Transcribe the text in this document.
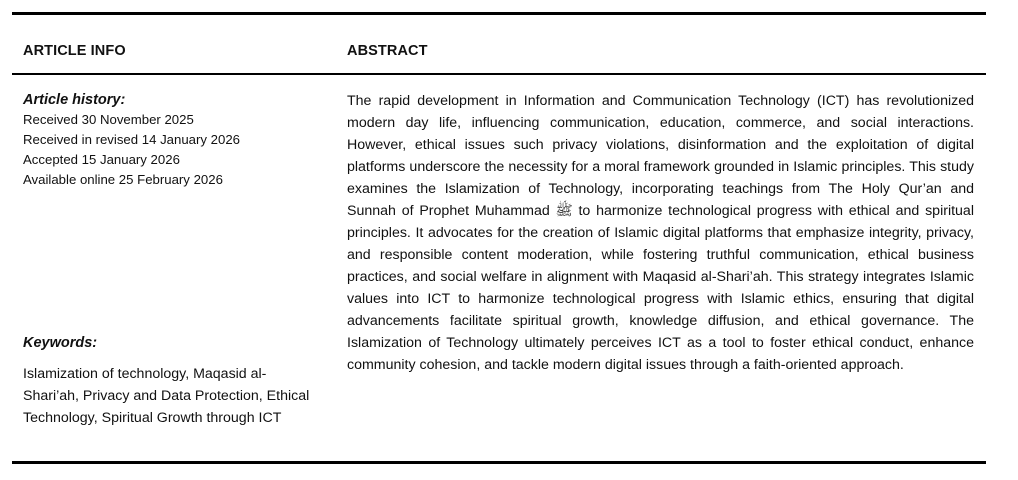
ARTICLE INFO	ABSTRACT
Article history:
Received 30 November 2025
Received in revised 14 January 2026
Accepted 15 January 2026
Available online 25 February 2026
Keywords:
Islamization of technology, Maqasid al-Shari’ah, Privacy and Data Protection, Ethical Technology, Spiritual Growth through ICT
The rapid development in Information and Communication Technology (ICT) has revolutionized modern day life, influencing communication, education, commerce, and social interactions. However, ethical issues such privacy violations, disinformation and the exploitation of digital platforms underscore the necessity for a moral framework grounded in Islamic principles. This study examines the Islamization of Technology, incorporating teachings from The Holy Qur’an and Sunnah of Prophet Muhammad ﷺ to harmonize technological progress with ethical and spiritual principles. It advocates for the creation of Islamic digital platforms that emphasize integrity, privacy, and responsible content moderation, while fostering truthful communication, ethical business practices, and social welfare in alignment with Maqasid al-Shari’ah. This strategy integrates Islamic values into ICT to harmonize technological progress with Islamic ethics, ensuring that digital advancements facilitate spiritual growth, knowledge diffusion, and ethical governance. The Islamization of Technology ultimately perceives ICT as a tool to foster ethical conduct, enhance community cohesion, and tackle modern digital issues through a faith-oriented approach.
